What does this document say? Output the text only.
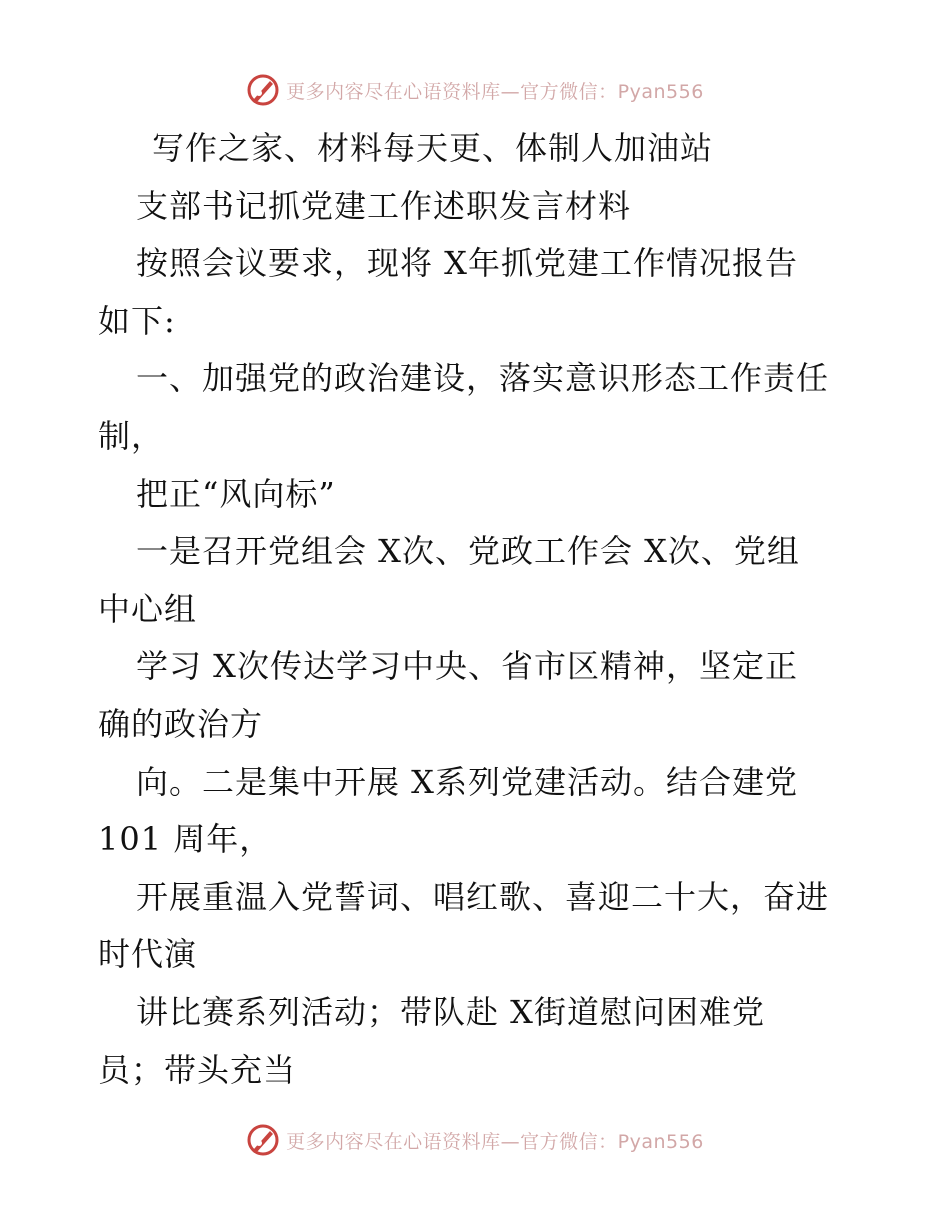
更多内容尽在心语资料库—官方微信：Pyan556
写作之家、材料每天更、体制人加油站
支部书记抓党建工作述职发言材料
按照会议要求，现将 X年抓党建工作情况报告
如下:
一、加强党的政治建设，落实意识形态工作责任
制，
把正“风向标”
一是召开党组会 X次、党政工作会 X次、党组
中心组
学习 X次传达学习中央、省市区精神，坚定正
确的政治方
向。二是集中开展 X系列党建活动。结合建党
101 周年，
开展重温入党誓词、唱红歌、喜迎二十大，奋进
时代演
讲比赛系列活动；带队赴 X街道慰问困难党
员；带头充当
更多内容尽在心语资料库—官方微信：Pyan556
